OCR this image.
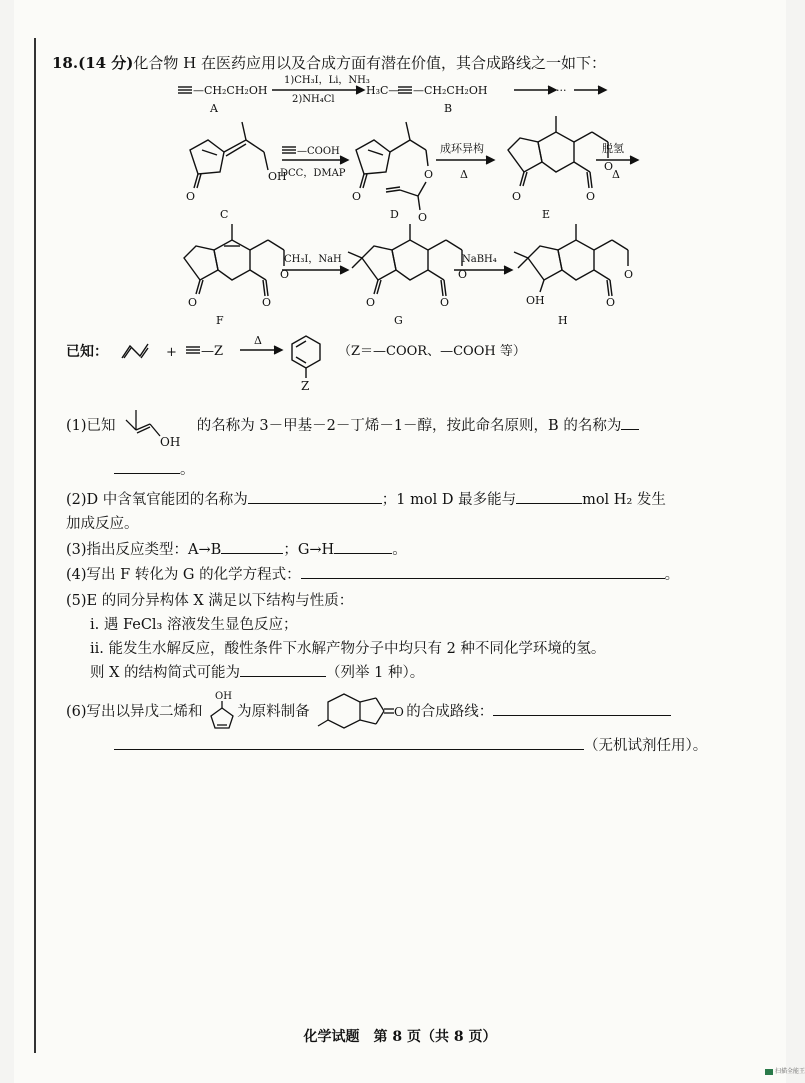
18.(14 分)化合物 H 在医药应用以及合成方面有潜在价值，其合成路线之一如下：
—CH₂CH₂OH
A
1)CH₃I，Li，NH₃
2)NH₄Cl
H₃C— —CH₂CH₂OH
B
···
O
OH
C
—COOH
DCC，DMAP
O
O
O
D
成环异构
Δ
O
O
O
E
脱氢
Δ
O
O
O
F
CH₃I，NaH
O
O
O
G
NaBH₄
OH
O
O
H
已知：	+ —Z
Δ
Z
（Z＝—COOR、—COOH 等）
(1)已知
OH
的名称为 3－甲基－2－丁烯－1－醇，按此命名原则，B 的名称为
。
(2)D 中含氧官能团的名称为	；1 mol D 最多能与	mol H₂ 发生
加成反应。
(3)指出反应类型：A→B	；G→H	。
(4)写出 F 转化为 G 的化学方程式：	。
(5)E 的同分异构体 X 满足以下结构与性质：
ⅰ. 遇 FeCl₃ 溶液发生显色反应；
ⅱ. 能发生水解反应，酸性条件下水解产物分子中均只有 2 种不同化学环境的氢。
则 X 的结构简式可能为	（列举 1 种）。
(6)写出以异戊二烯和
OH
为原料制备	O 的合成路线：
（无机试剂任用）。
化学试题　第 8 页（共 8 页）
扫描全能王
